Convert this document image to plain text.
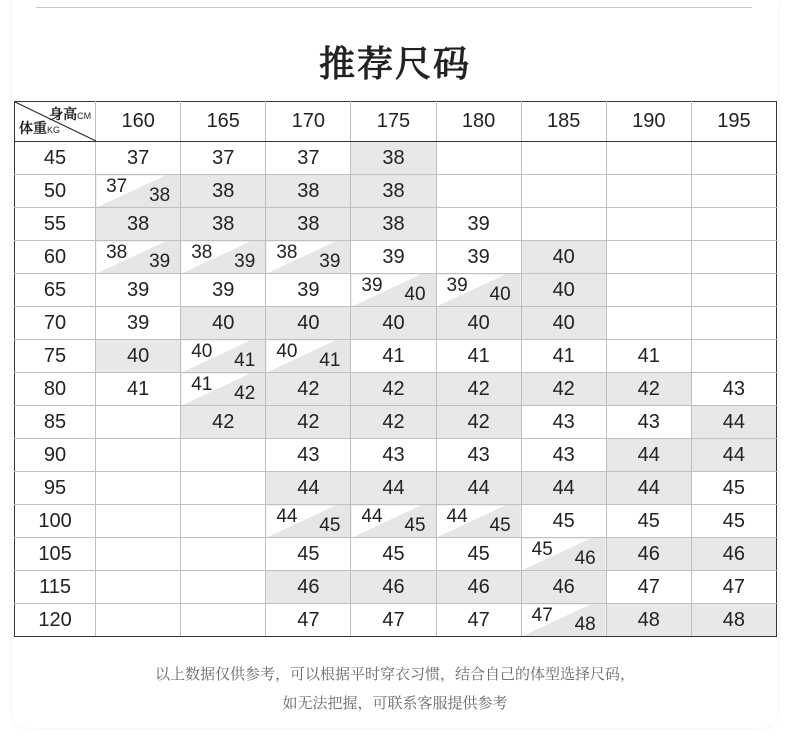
推荐尺码
身高CM
体重KG	160	165	170	175	180	185	190	195
45	37	37	37	38				
50	37 38	38	38	38				
55	38	38	38	38	39			
60	38 39	38 39	38 39	39	39	40		
65	39	39	39	39 40	39 40	40		
70	39	40	40	40	40	40		
75	40	40 41	40 41	41	41	41	41	
80	41	41 42	42	42	42	42	42	43
85		42	42	42	42	43	43	44
90			43	43	43	43	44	44
95			44	44	44	44	44	45
100			44 45	44 45	44 45	45	45	45
105			45	45	45	45 46	46	46
115			46	46	46	46	47	47
120			47	47	47	47 48	48	48
以上数据仅供参考，可以根据平时穿衣习惯，结合自己的体型选择尺码，
如无法把握，可联系客服提供参考
